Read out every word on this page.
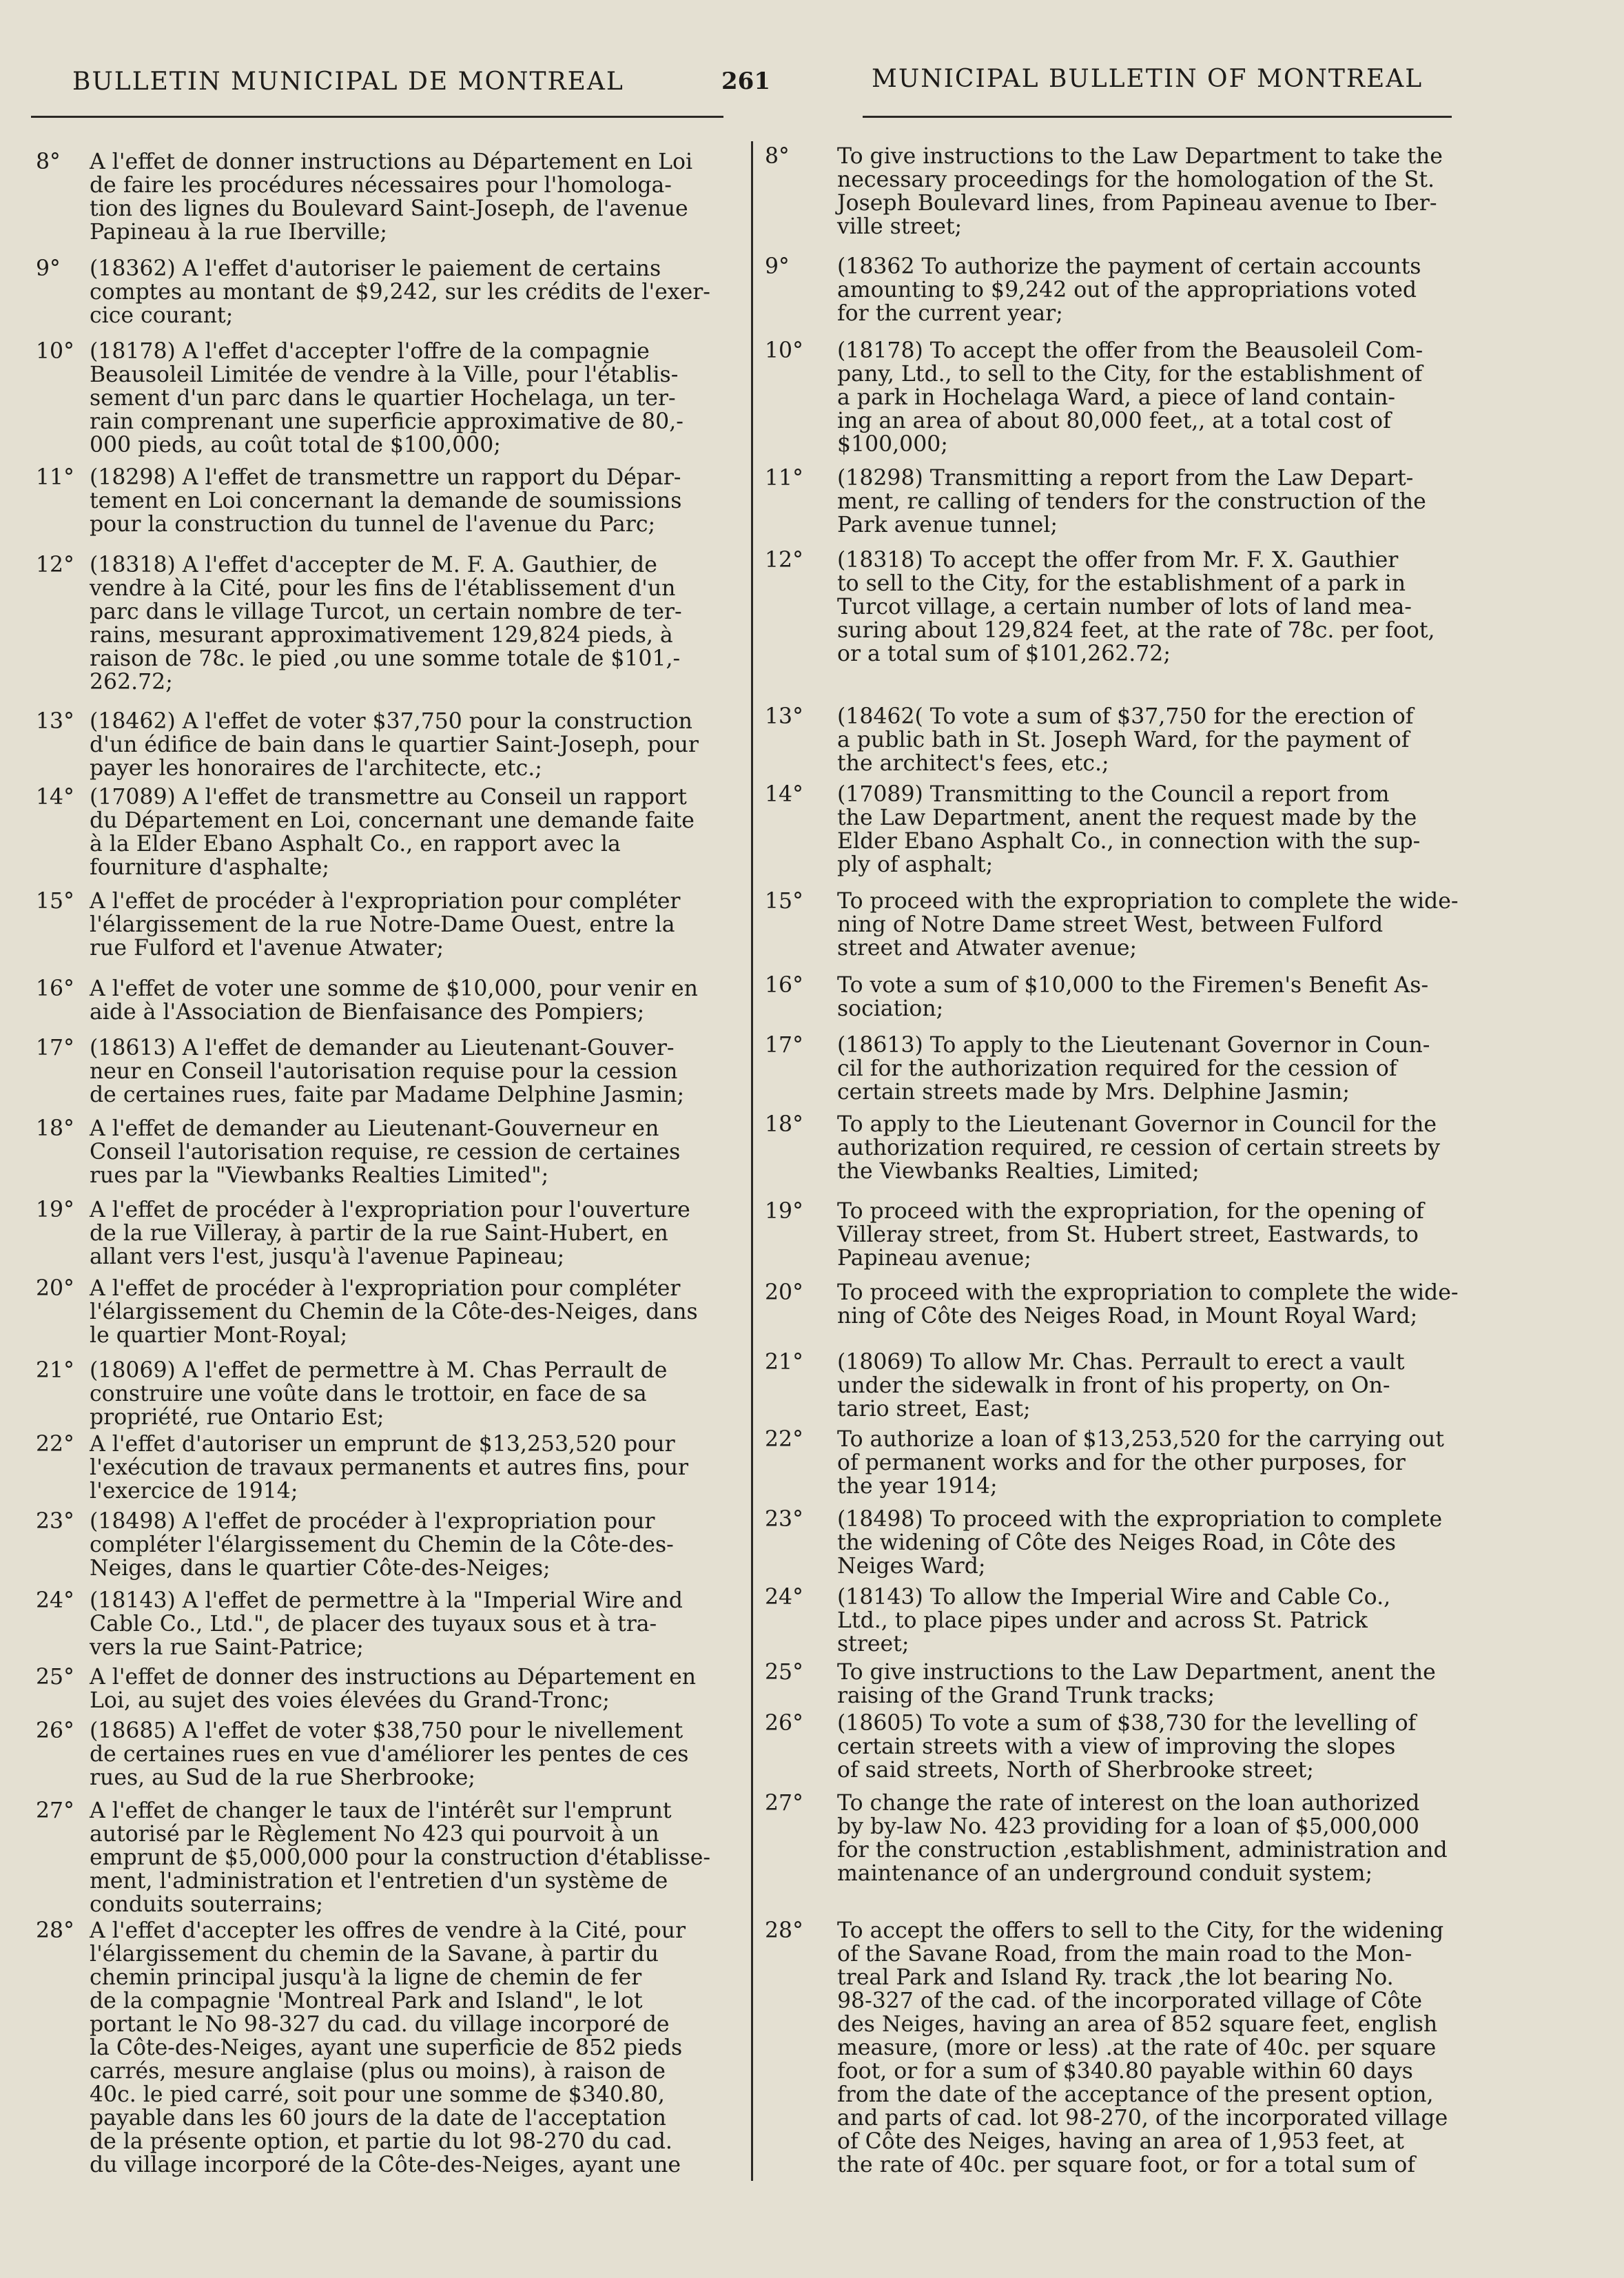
BULLETIN MUNICIPAL DE MONTREAL	261	MUNICIPAL BULLETIN OF MONTREAL
8° A l'effet de donner instructions au Département en Loi
de faire les procédures nécessaires pour l'homologa-
tion des lignes du Boulevard Saint-Joseph, de l'avenue
Papineau à la rue Iberville;
9° (18362) A l'effet d'autoriser le paiement de certains
comptes au montant de $9,242, sur les crédits de l'exer-
cice courant;
10° (18178) A l'effet d'accepter l'offre de la compagnie
Beausoleil Limitée de vendre à la Ville, pour l'établis-
sement d'un parc dans le quartier Hochelaga, un ter-
rain comprenant une superficie approximative de 80,-
000 pieds, au coût total de $100,000;
11° (18298) A l'effet de transmettre un rapport du Dépar-
tement en Loi concernant la demande de soumissions
pour la construction du tunnel de l'avenue du Parc;
12° (18318) A l'effet d'accepter de M. F. A. Gauthier, de
vendre à la Cité, pour les fins de l'établissement d'un
parc dans le village Turcot, un certain nombre de ter-
rains, mesurant approximativement 129,824 pieds, à
raison de 78c. le pied ,ou une somme totale de $101,-
262.72;
13° (18462) A l'effet de voter $37,750 pour la construction
d'un édifice de bain dans le quartier Saint-Joseph, pour
payer les honoraires de l'architecte, etc.;
14° (17089) A l'effet de transmettre au Conseil un rapport
du Département en Loi, concernant une demande faite
à la Elder Ebano Asphalt Co., en rapport avec la
fourniture d'asphalte;
15° A l'effet de procéder à l'expropriation pour compléter
l'élargissement de la rue Notre-Dame Ouest, entre la
rue Fulford et l'avenue Atwater;
16° A l'effet de voter une somme de $10,000, pour venir en
aide à l'Association de Bienfaisance des Pompiers;
17° (18613) A l'effet de demander au Lieutenant-Gouver-
neur en Conseil l'autorisation requise pour la cession
de certaines rues, faite par Madame Delphine Jasmin;
18° A l'effet de demander au Lieutenant-Gouverneur en
Conseil l'autorisation requise, re cession de certaines
rues par la "Viewbanks Realties Limited";
19° A l'effet de procéder à l'expropriation pour l'ouverture
de la rue Villeray, à partir de la rue Saint-Hubert, en
allant vers l'est, jusqu'à l'avenue Papineau;
20° A l'effet de procéder à l'expropriation pour compléter
l'élargissement du Chemin de la Côte-des-Neiges, dans
le quartier Mont-Royal;
21° (18069) A l'effet de permettre à M. Chas Perrault de
construire une voûte dans le trottoir, en face de sa
propriété, rue Ontario Est;
22° A l'effet d'autoriser un emprunt de $13,253,520 pour
l'exécution de travaux permanents et autres fins, pour
l'exercice de 1914;
23° (18498) A l'effet de procéder à l'expropriation pour
compléter l'élargissement du Chemin de la Côte-des-
Neiges, dans le quartier Côte-des-Neiges;
24° (18143) A l'effet de permettre à la "Imperial Wire and
Cable Co., Ltd.", de placer des tuyaux sous et à tra-
vers la rue Saint-Patrice;
25° A l'effet de donner des instructions au Département en
Loi, au sujet des voies élevées du Grand-Tronc;
26° (18685) A l'effet de voter $38,750 pour le nivellement
de certaines rues en vue d'améliorer les pentes de ces
rues, au Sud de la rue Sherbrooke;
27° A l'effet de changer le taux de l'intérêt sur l'emprunt
autorisé par le Règlement No 423 qui pourvoit à un
emprunt de $5,000,000 pour la construction d'établisse-
ment, l'administration et l'entretien d'un système de
conduits souterrains;
28° A l'effet d'accepter les offres de vendre à la Cité, pour
l'élargissement du chemin de la Savane, à partir du
chemin principal jusqu'à la ligne de chemin de fer
de la compagnie 'Montreal Park and Island", le lot
portant le No 98-327 du cad. du village incorporé de
la Côte-des-Neiges, ayant une superficie de 852 pieds
carrés, mesure anglaise (plus ou moins), à raison de
40c. le pied carré, soit pour une somme de $340.80,
payable dans les 60 jours de la date de l'acceptation
de la présente option, et partie du lot 98-270 du cad.
du village incorporé de la Côte-des-Neiges, ayant une
8° To give instructions to the Law Department to take the
necessary proceedings for the homologation of the St.
Joseph Boulevard lines, from Papineau avenue to Iber-
ville street;
9° (18362 To authorize the payment of certain accounts
amounting to $9,242 out of the appropriations voted
for the current year;
10° (18178) To accept the offer from the Beausoleil Com-
pany, Ltd., to sell to the City, for the establishment of
a park in Hochelaga Ward, a piece of land contain-
ing an area of about 80,000 feet,, at a total cost of
$100,000;
11° (18298) Transmitting a report from the Law Depart-
ment, re calling of tenders for the construction of the
Park avenue tunnel;
12° (18318) To accept the offer from Mr. F. X. Gauthier
to sell to the City, for the establishment of a park in
Turcot village, a certain number of lots of land mea-
suring about 129,824 feet, at the rate of 78c. per foot,
or a total sum of $101,262.72;
13° (18462( To vote a sum of $37,750 for the erection of
a public bath in St. Joseph Ward, for the payment of
the architect's fees, etc.;
14° (17089) Transmitting to the Council a report from
the Law Department, anent the request made by the
Elder Ebano Asphalt Co., in connection with the sup-
ply of asphalt;
15° To proceed with the expropriation to complete the wide-
ning of Notre Dame street West, between Fulford
street and Atwater avenue;
16° To vote a sum of $10,000 to the Firemen's Benefit As-
sociation;
17° (18613) To apply to the Lieutenant Governor in Coun-
cil for the authorization required for the cession of
certain streets made by Mrs. Delphine Jasmin;
18° To apply to the Lieutenant Governor in Council for the
authorization required, re cession of certain streets by
the Viewbanks Realties, Limited;
19° To proceed with the expropriation, for the opening of
Villeray street, from St. Hubert street, Eastwards, to
Papineau avenue;
20° To proceed with the expropriation to complete the wide-
ning of Côte des Neiges Road, in Mount Royal Ward;
21° (18069) To allow Mr. Chas. Perrault to erect a vault
under the sidewalk in front of his property, on On-
tario street, East;
22° To authorize a loan of $13,253,520 for the carrying out
of permanent works and for the other purposes, for
the year 1914;
23° (18498) To proceed with the expropriation to complete
the widening of Côte des Neiges Road, in Côte des
Neiges Ward;
24° (18143) To allow the Imperial Wire and Cable Co.,
Ltd., to place pipes under and across St. Patrick
street;
25° To give instructions to the Law Department, anent the
raising of the Grand Trunk tracks;
26° (18605) To vote a sum of $38,730 for the levelling of
certain streets with a view of improving the slopes
of said streets, North of Sherbrooke street;
27° To change the rate of interest on the loan authorized
by by-law No. 423 providing for a loan of $5,000,000
for the construction ,establishment, administration and
maintenance of an underground conduit system;
28° To accept the offers to sell to the City, for the widening
of the Savane Road, from the main road to the Mon-
treal Park and Island Ry. track ,the lot bearing No.
98-327 of the cad. of the incorporated village of Côte
des Neiges, having an area of 852 square feet, english
measure, (more or less) .at the rate of 40c. per square
foot, or for a sum of $340.80 payable within 60 days
from the date of the acceptance of the present option,
and parts of cad. lot 98-270, of the incorporated village
of Côte des Neiges, having an area of 1,953 feet, at
the rate of 40c. per square foot, or for a total sum of
